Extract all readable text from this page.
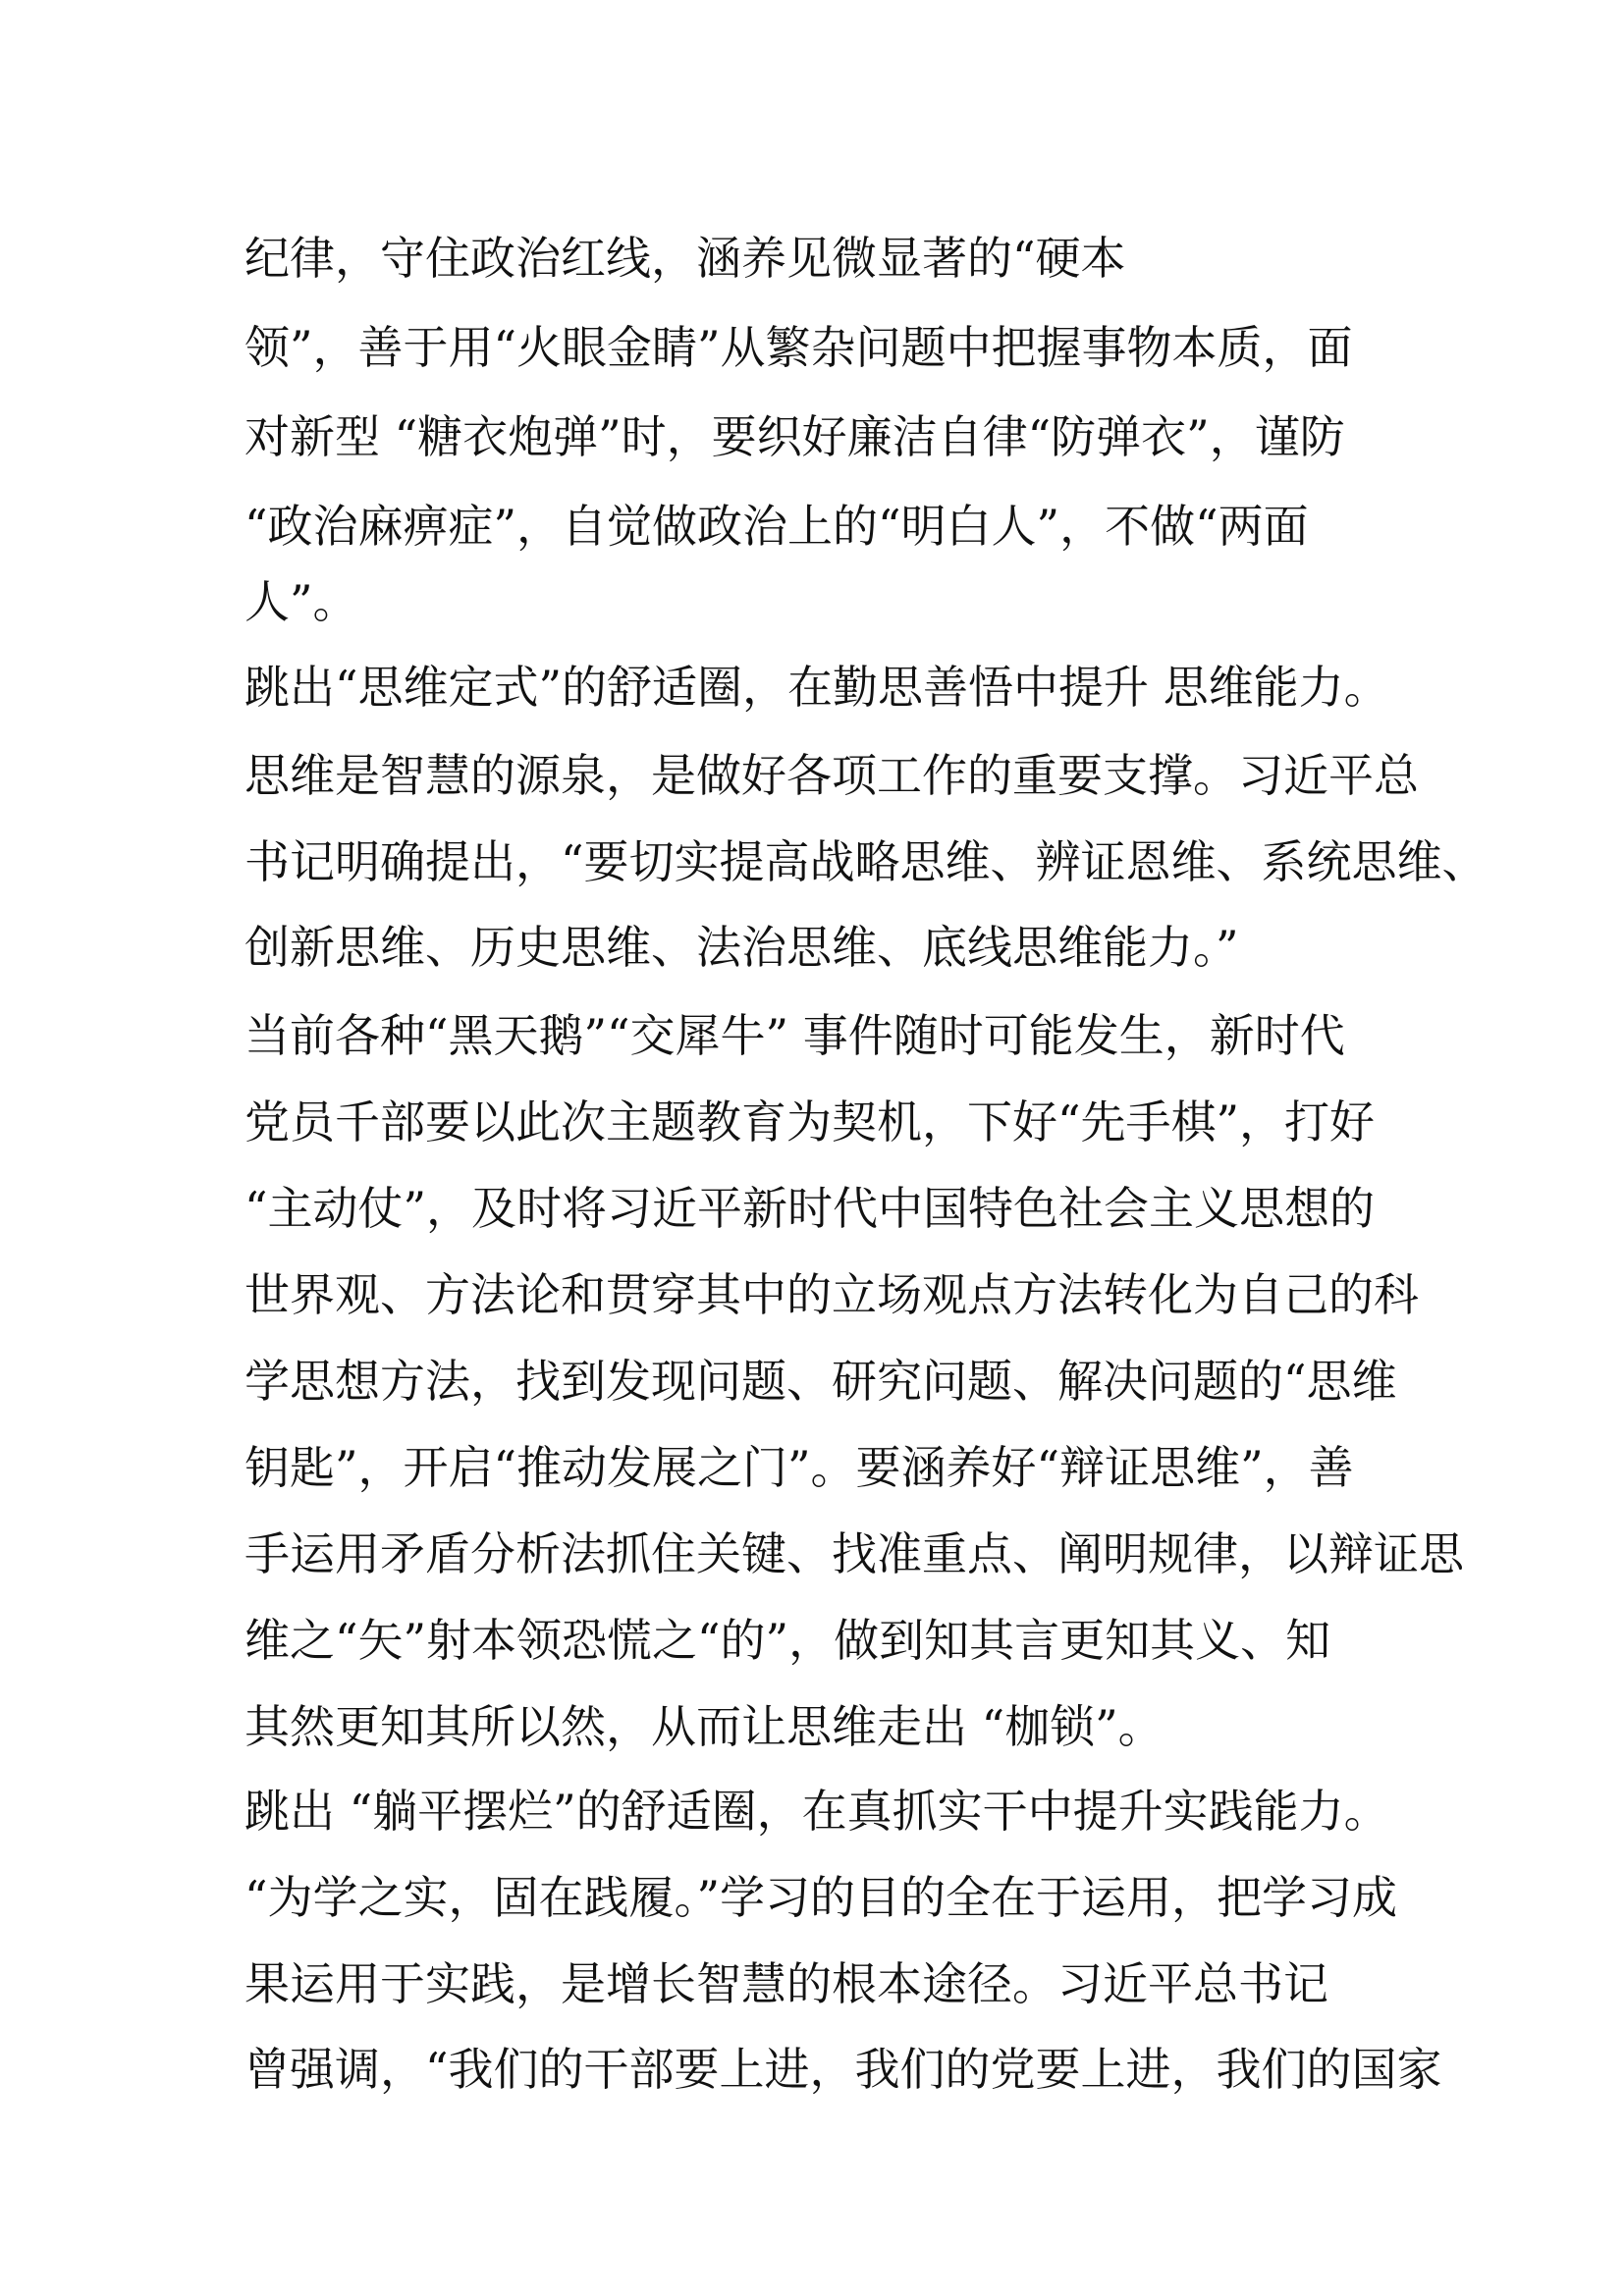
纪律，守住政治红线，涵养见微显著的“硬本
领”，善于用“火眼金睛”从繁杂问题中把握事物本质，面
对新型 “糖衣炮弹”时，要织好廉洁自律“防弹衣”，谨防
“政治麻痹症”，自觉做政治上的“明白人”，不做“两面
人”。
跳出“思维定式”的舒适圈，在勤思善悟中提升 思维能力。
思维是智慧的源泉，是做好各项工作的重要支撑。习近平总
书记明确提出，“要切实提高战略思维、辨证恩维、系统思维、
创新思维、历史思维、法治思维、底线思维能力。”
当前各种“黑天鹅”“交犀牛” 事件随时可能发生，新时代
党员千部要以此次主题教育为契机，下好“先手棋”，打好
“主动仗”，及时将习近平新时代中国特色社会主义思想的
世界观、方法论和贯穿其中的立场观点方法转化为自己的科
学思想方法，找到发现问题、研究问题、解决问题的“思维
钥匙”，开启“推动发展之门”。要涵养好“辩证思维”，善
手运用矛盾分析法抓住关键、找准重点、阐明规律，以辩证思
维之“矢”射本领恐慌之“的”，做到知其言更知其义、知
其然更知其所以然，从而让思维走出 “枷锁”。
跳出 “躺平摆烂”的舒适圈，在真抓实干中提升实践能力。
“为学之实，固在践履。”学习的目的全在于运用，把学习成
果运用于实践，是增长智慧的根本途径。习近平总书记
曾强调，“我们的干部要上进，我们的党要上进，我们的国家
